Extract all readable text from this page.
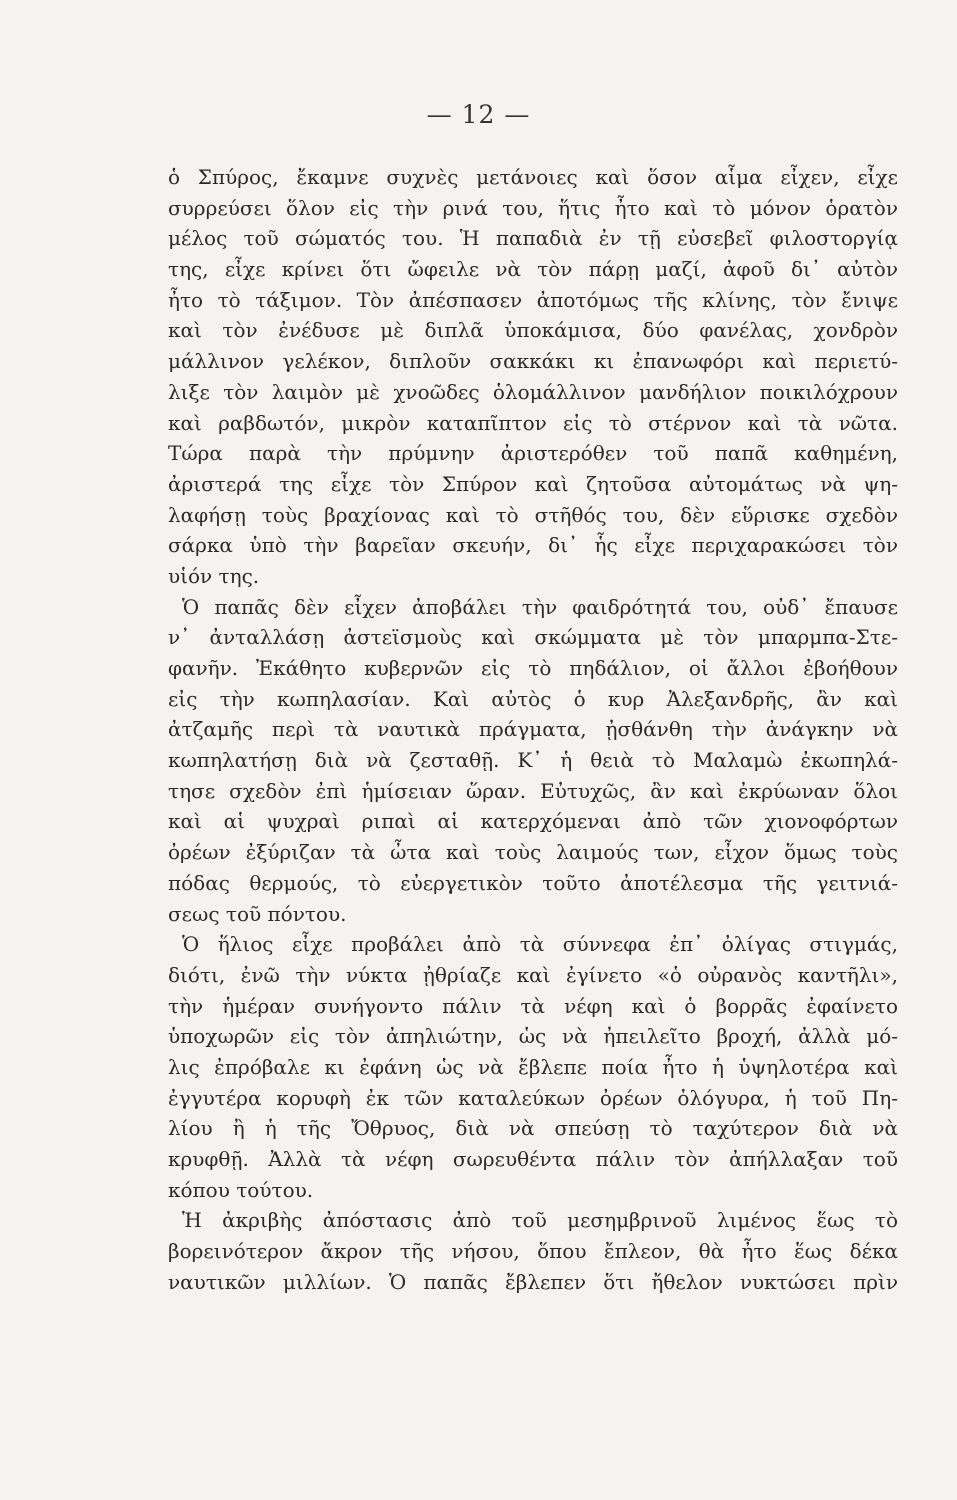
— 12 —
ὁ Σπύρος, ἔκαμνε συχνὲς μετάνοιες καὶ ὅσον αἷμα εἶχεν, εἶχε
συρρεύσει ὅλον εἰς τὴν ρινά του, ἥτις ἦτο καὶ τὸ μόνον ὁρατὸν
μέλος τοῦ σώματός του. Ἡ παπαδιὰ ἐν τῇ εὐσεβεῖ φιλοστοργίᾳ
της, εἶχε κρίνει ὅτι ὤφειλε νὰ τὸν πάρῃ μαζί, ἀφοῦ δι᾽ αὐτὸν
ἦτο τὸ τάξιμον. Τὸν ἀπέσπασεν ἀποτόμως τῆς κλίνης, τὸν ἔνιψε
καὶ τὸν ἐνέδυσε μὲ διπλᾶ ὑποκάμισα, δύο φανέλας, χονδρὸν
μάλλινον γελέκον, διπλοῦν σακκάκι κι ἐπανωφόρι καὶ περιετύ-
λιξε τὸν λαιμὸν μὲ χνοῶδες ὁλομάλλινον μανδήλιον ποικιλόχρουν
καὶ ραβδωτόν, μικρὸν καταπῖπτον εἰς τὸ στέρνον καὶ τὰ νῶτα.
Τώρα παρὰ τὴν πρύμνην ἀριστερόθεν τοῦ παπᾶ καθημένη,
ἀριστερά της εἶχε τὸν Σπύρον καὶ ζητοῦσα αὐτομάτως νὰ ψη-
λαφήσῃ τοὺς βραχίονας καὶ τὸ στῆθός του, δὲν εὕρισκε σχεδὸν
σάρκα ὑπὸ τὴν βαρεῖαν σκευήν, δι᾽ ἧς εἶχε περιχαρακώσει τὸν
υἱόν της.
Ὁ παπᾶς δὲν εἶχεν ἀποβάλει τὴν φαιδρότητά του, οὐδ᾽ ἔπαυσε
ν᾽ ἀνταλλάσῃ ἀστεϊσμοὺς καὶ σκώμματα μὲ τὸν μπαρμπα-Στε-
φανῆν. Ἐκάθητο κυβερνῶν εἰς τὸ πηδάλιον, οἱ ἄλλοι ἐβοήθουν
εἰς τὴν κωπηλασίαν. Καὶ αὐτὸς ὁ κυρ Ἀλεξανδρῆς, ἂν καὶ
ἀτζαμῆς περὶ τὰ ναυτικὰ πράγματα, ᾐσθάνθη τὴν ἀνάγκην νὰ
κωπηλατήσῃ διὰ νὰ ζεσταθῇ. Κ᾽ ἡ θειὰ τὸ Μαλαμὼ ἐκωπηλά-
τησε σχεδὸν ἐπὶ ἡμίσειαν ὥραν. Εὐτυχῶς, ἂν καὶ ἐκρύωναν ὅλοι
καὶ αἱ ψυχραὶ ριπαὶ αἱ κατερχόμεναι ἀπὸ τῶν χιονοφόρτων
ὀρέων ἐξύριζαν τὰ ὦτα καὶ τοὺς λαιμούς των, εἶχον ὅμως τοὺς
πόδας θερμούς, τὸ εὐεργετικὸν τοῦτο ἀποτέλεσμα τῆς γειτνιά-
σεως τοῦ πόντου.
Ὁ ἥλιος εἶχε προβάλει ἀπὸ τὰ σύννεφα ἐπ᾽ ὀλίγας στιγμάς,
διότι, ἐνῶ τὴν νύκτα ᾐθρίαζε καὶ ἐγίνετο «ὁ οὐρανὸς καντῆλι»,
τὴν ἡμέραν συνήγοντο πάλιν τὰ νέφη καὶ ὁ βορρᾶς ἐφαίνετο
ὑποχωρῶν εἰς τὸν ἀπηλιώτην, ὡς νὰ ἠπειλεῖτο βροχή, ἀλλὰ μό-
λις ἐπρόβαλε κι ἐφάνη ὡς νὰ ἔβλεπε ποία ἦτο ἡ ὑψηλοτέρα καὶ
ἐγγυτέρα κορυφὴ ἐκ τῶν καταλεύκων ὀρέων ὁλόγυρα, ἡ τοῦ Πη-
λίου ἢ ἡ τῆς Ὄθρυος, διὰ νὰ σπεύσῃ τὸ ταχύτερον διὰ νὰ
κρυφθῇ. Ἀλλὰ τὰ νέφη σωρευθέντα πάλιν τὸν ἀπήλλαξαν τοῦ
κόπου τούτου.
Ἡ ἀκριβὴς ἀπόστασις ἀπὸ τοῦ μεσημβρινοῦ λιμένος ἕως τὸ
βορεινότερον ἄκρον τῆς νήσου, ὅπου ἔπλεον, θὰ ἦτο ἕως δέκα
ναυτικῶν μιλλίων. Ὁ παπᾶς ἔβλεπεν ὅτι ἤθελον νυκτώσει πρὶν
